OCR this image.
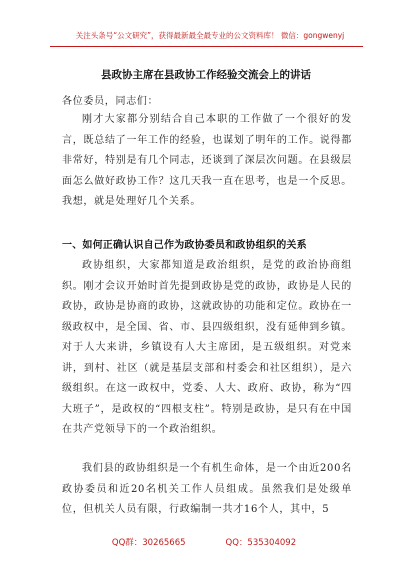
关注头条号“公文研究”，获得最新最全最专业的公文资料库！ 微信：gongwenyj
县政协主席在县政协工作经验交流会上的讲话
各位委员，同志们：

刚才大家都分别结合自己本职的工作做了一个很好的发言，既总结了一年工作的经验，也谋划了明年的工作。说得都非常好，特别是有几个同志，还谈到了深层次问题。在县级层面怎么做好政协工作？这几天我一直在思考，也是一个反思。我想，就是处理好几个关系。

一、如何正确认识自己作为政协委员和政协组织的关系

政协组织，大家都知道是政治组织，是党的政治协商组织。刚才会议开始时首先提到政协是党的政协，政协是人民的政协，政协是协商的政协，这就政协的功能和定位。政协在一级政权中，是全国、省、市、县四级组织，没有延伸到乡镇。对于人大来讲，乡镇设有人大主席团，是五级组织。对党来讲，到村、社区（就是基层支部和村委会和社区组织），是六级组织。在这一政权中，党委、人大、政府、政协，称为“四大班子”，是政权的“四根支柱”。特别是政协，是只有在中国在共产党领导下的一个政治组织。

我们县的政协组织是一个有机生命体，是一个由近200名政协委员和近20名机关工作人员组成。虽然我们是处级单位，但机关人员有限，行政编制一共才16个人，其中，5

QQ群：30265665	QQ：535304092
